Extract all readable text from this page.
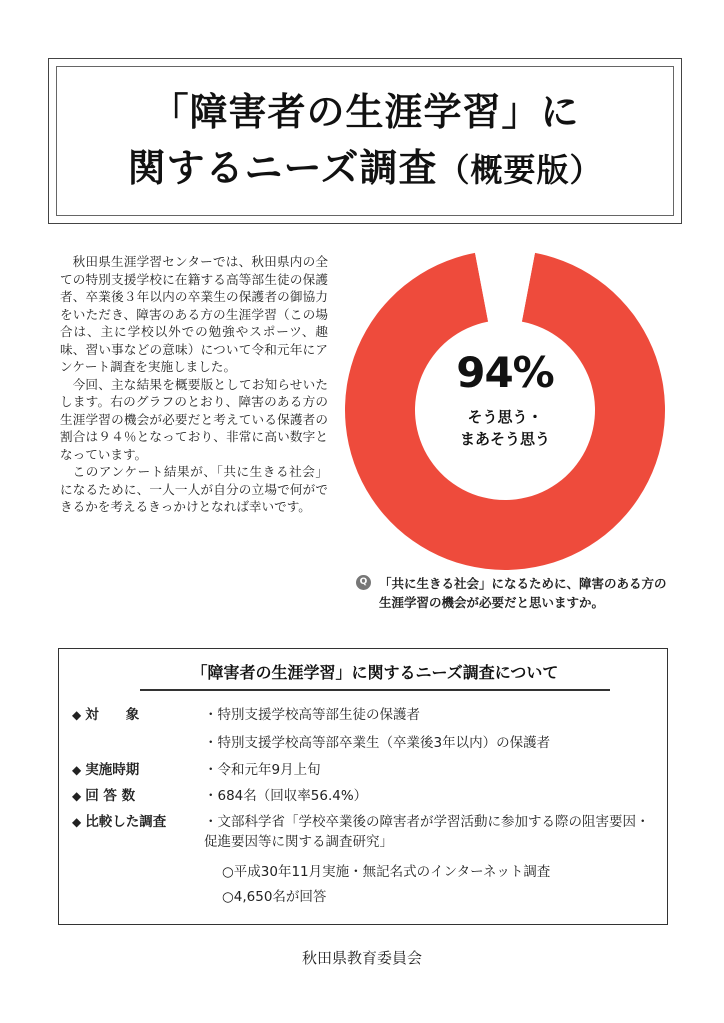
「障害者の生涯学習」に
関するニーズ調査（概要版）

秋田県生涯学習センターでは、秋田県内の全ての特別支援学校に在籍する高等部生徒の保護者、卒業後３年以内の卒業生の保護者の御協力をいただき、障害のある方の生涯学習（この場合は、主に学校以外での勉強やスポーツ、趣味、習い事などの意味）について令和元年にアンケート調査を実施しました。

今回、主な結果を概要版としてお知らせいたします。右のグラフのとおり、障害のある方の生涯学習の機会が必要だと考えている保護者の割合は９４％となっており、非常に高い数字となっています。

このアンケート結果が、「共に生きる社会」になるために、一人一人が自分の立場で何ができるかを考えるきっかけとなれば幸いです。

94%
そう思う・
まあそう思う
Q 「共に生きる社会」になるために、障害のある方の生涯学習の機会が必要だと思いますか。
「障害者の生涯学習」に関するニーズ調査について
◆ 対　　象	・特別支援学校高等部生徒の保護者
・特別支援学校高等部卒業生（卒業後3年以内）の保護者
◆ 実施時期	・令和元年9月上旬
◆ 回 答 数	・684名（回収率56.4%）
◆ 比較した調査	・文部科学省「学校卒業後の障害者が学習活動に参加する際の阻害要因・促進要因等に関する調査研究」
○平成30年11月実施・無記名式のインターネット調査
○4,650名が回答
秋田県教育委員会
